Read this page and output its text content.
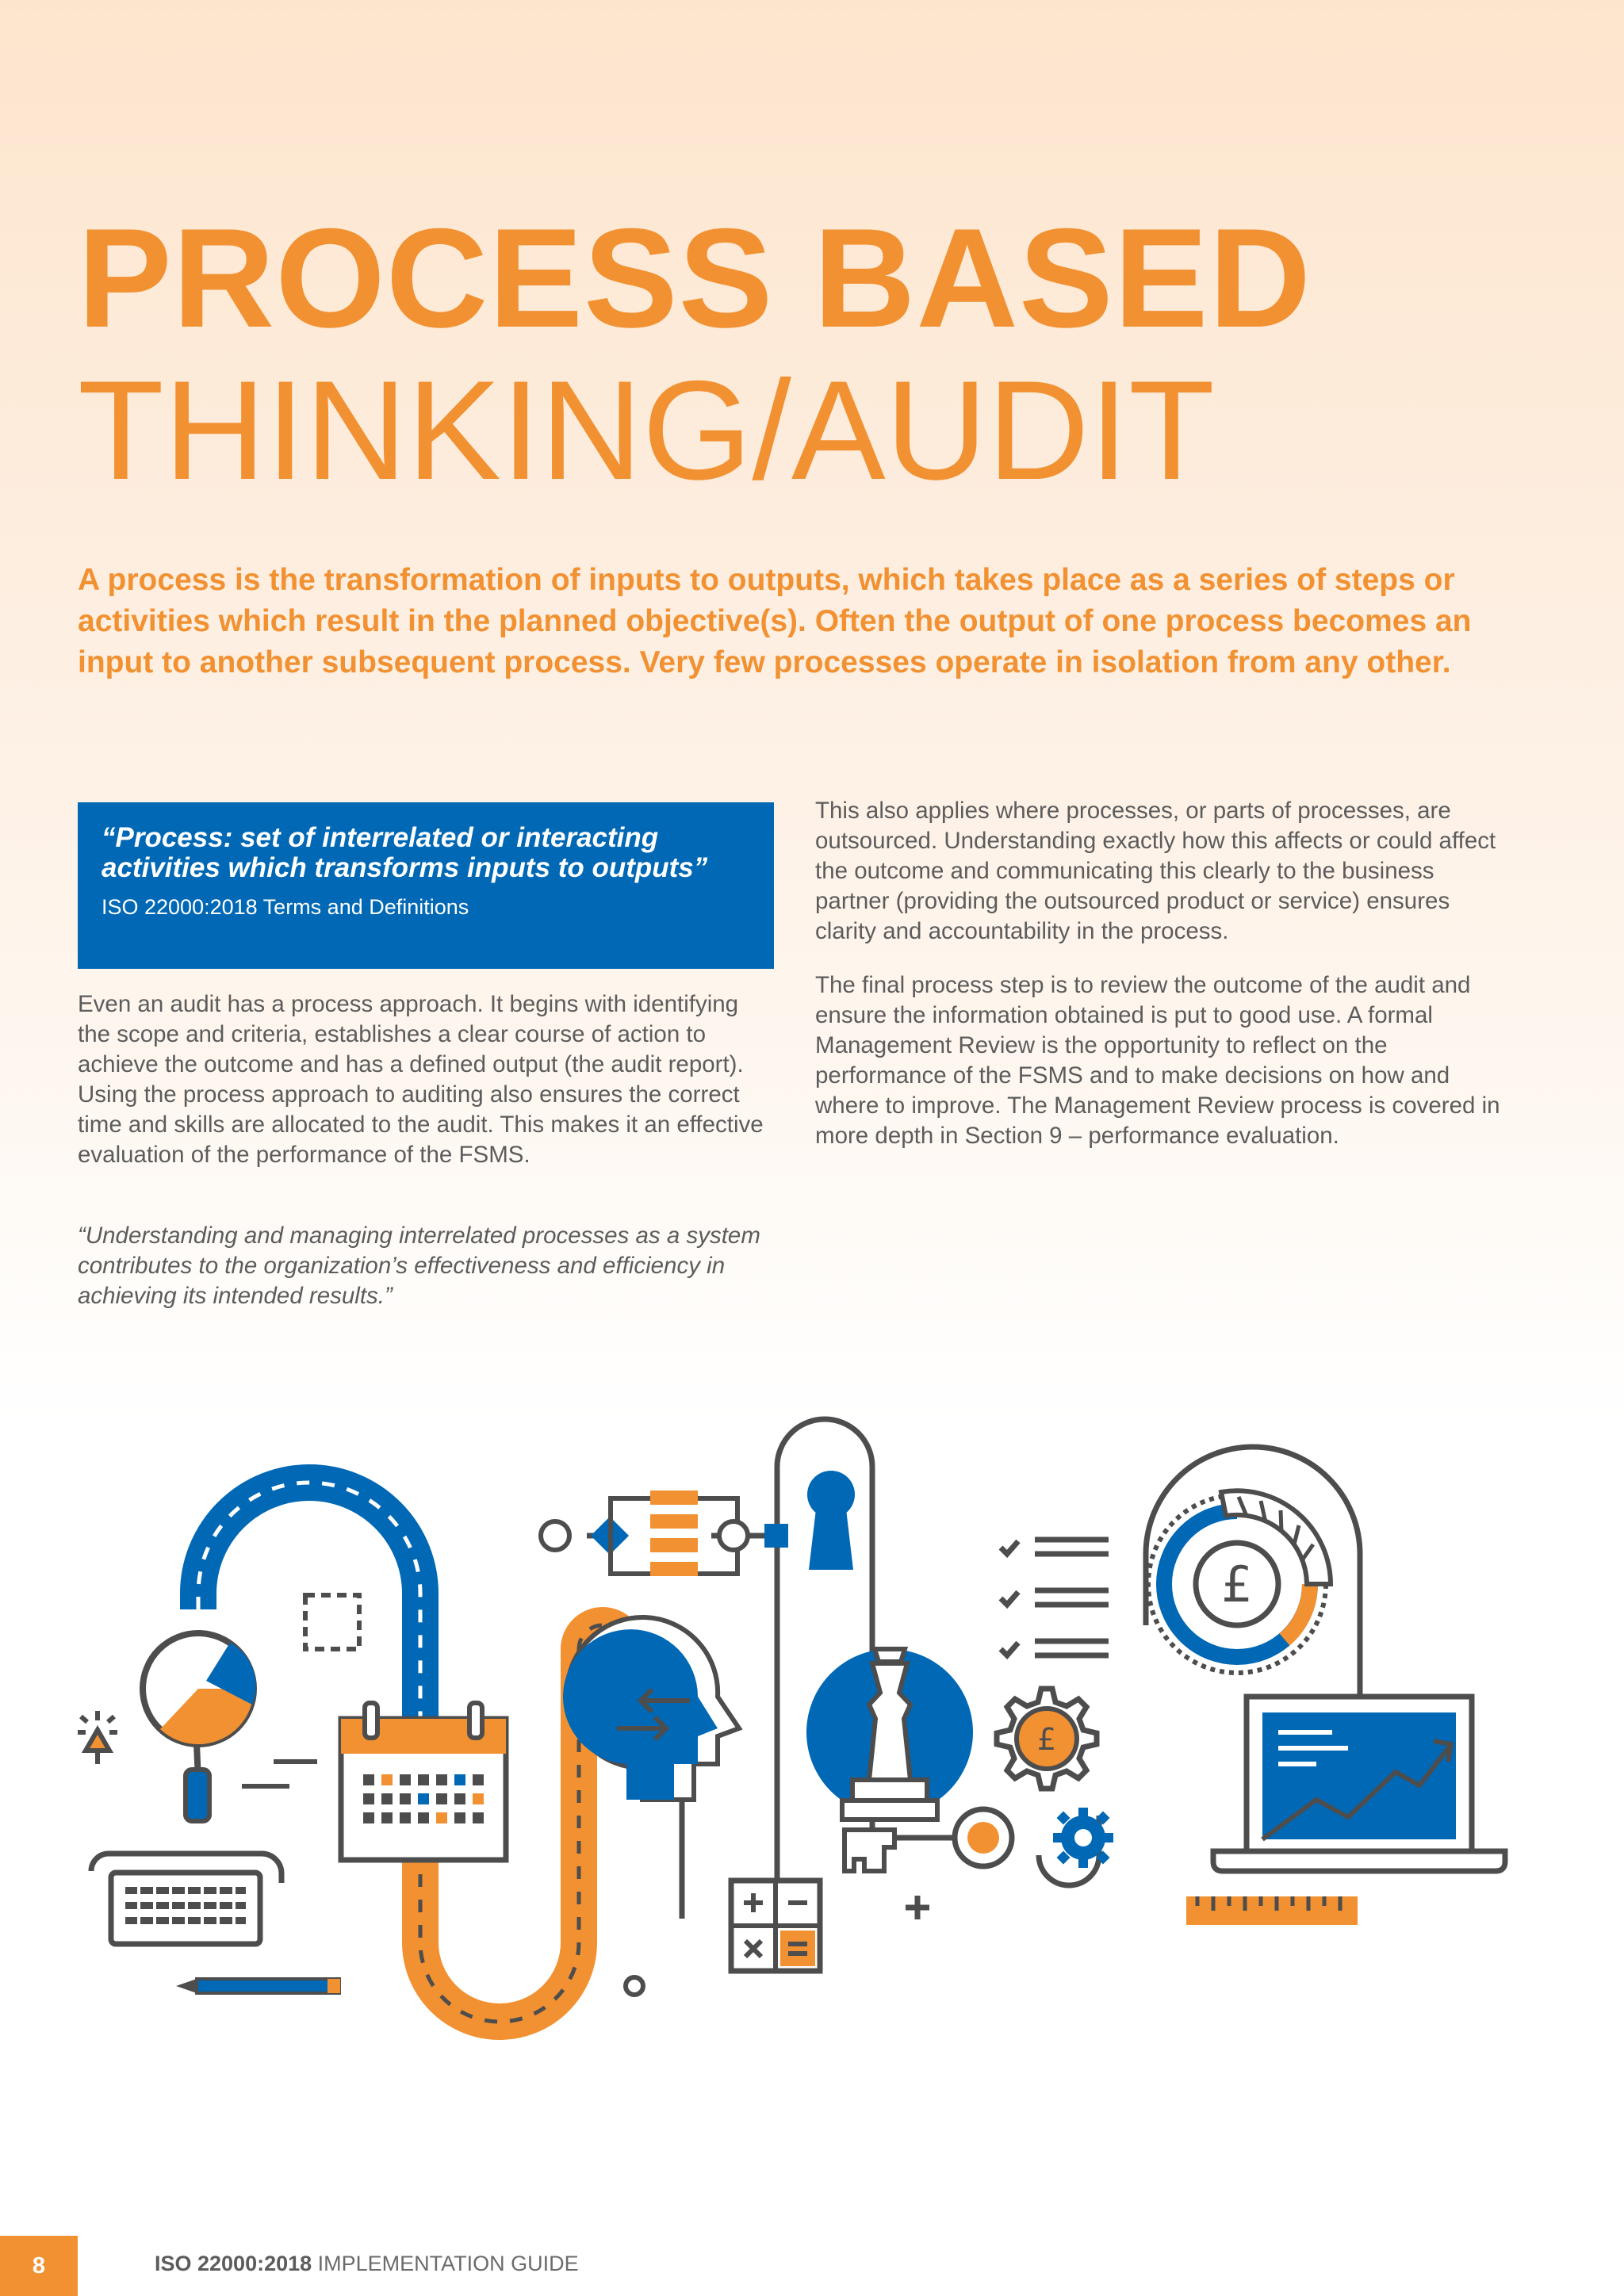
PROCESS BASED
THINKING/AUDIT

A process is the transformation of inputs to outputs, which takes place as a series of steps or activities which result in the planned objective(s). Often the output of one process becomes an input to another subsequent process. Very few processes operate in isolation from any other.

“Process: set of interrelated or interacting activities which transforms inputs to outputs”

ISO 22000:2018 Terms and Definitions

Even an audit has a process approach. It begins with identifying the scope and criteria, establishes a clear course of action to achieve the outcome and has a defined output (the audit report). Using the process approach to auditing also ensures the correct time and skills are allocated to the audit. This makes it an effective evaluation of the performance of the FSMS.

“Understanding and managing interrelated processes as a system contributes to the organization’s effectiveness and efficiency in achieving its intended results.”

This also applies where processes, or parts of processes, are outsourced. Understanding exactly how this affects or could affect the outcome and communicating this clearly to the business partner (providing the outsourced product or service) ensures clarity and accountability in the process.

The final process step is to review the outcome of the audit and ensure the information obtained is put to good use. A formal Management Review is the opportunity to reflect on the performance of the FSMS and to make decisions on how and where to improve. The Management Review process is covered in more depth in Section 9 – performance evaluation.

£
£
8	ISO 22000:2018 IMPLEMENTATION GUIDE
